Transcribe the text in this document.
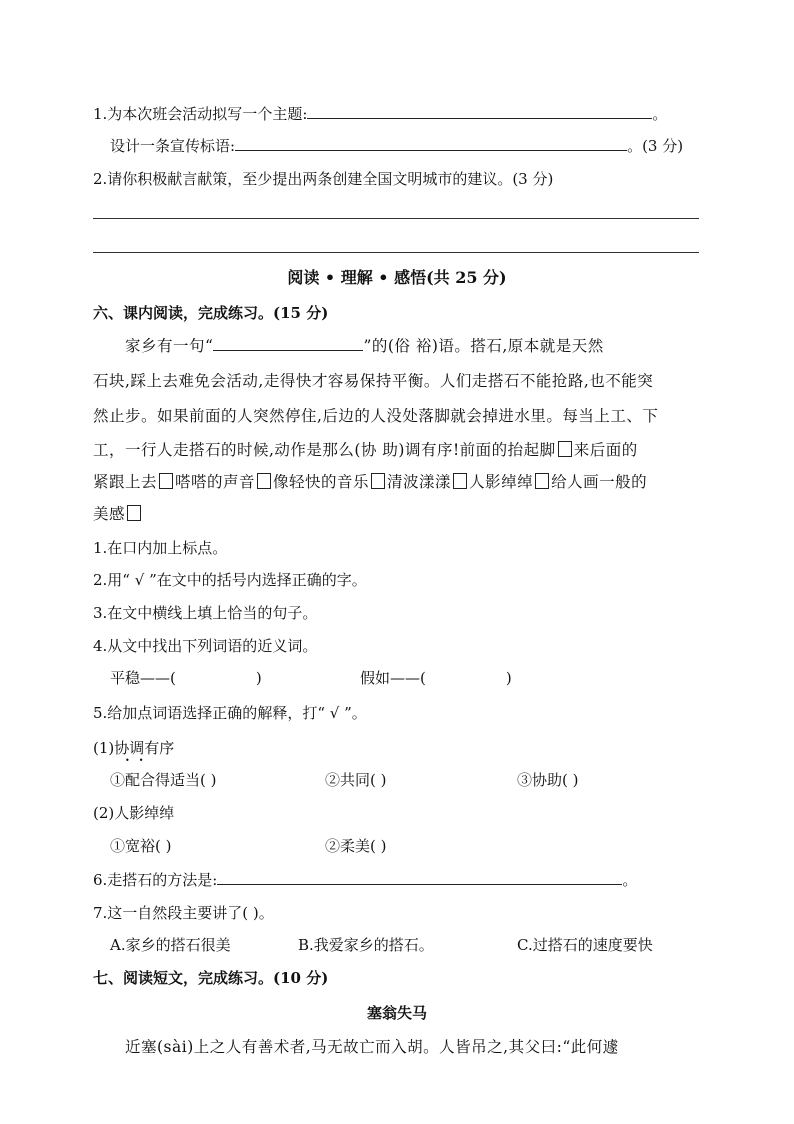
1.为本次班会活动拟写一个主题:	。
设计一条宣传标语:	。(3 分)
2.请你积极献言献策，至少提出两条创建全国文明城市的建议。(3 分)
阅读 • 理解 • 感悟(共 25 分)
六、课内阅读，完成练习。(15 分)
家乡有一句“	”的(俗 裕)语。搭石,原本就是天然
石块,踩上去难免会活动,走得快才容易保持平衡。人们走搭石不能抢路,也不能突
然止步。如果前面的人突然停住,后边的人没处落脚就会掉进水里。每当上工、下
工，一行人走搭石的时候,动作是那么(协 助)调有序!前面的抬起脚 来后面的
紧跟上去 嗒嗒的声音 像轻快的音乐 清波漾漾 人影绰绰 给人画一般的
美感
1.在口内加上标点。
2.用“ √ ”在文中的括号内选择正确的字。
3.在文中横线上填上恰当的句子。
4.从文中找出下列词语的近义词。
平稳——(	)	假如——(	)
5.给加点词语选择正确的解释，打“ √ ”。
(1)协调有序
••
①配合得适当( )	②共同( )	③协助( )
(2)人影绰绰
①宽裕( )	②柔美( )
6.走搭石的方法是:	。
7.这一自然段主要讲了( )。
A.家乡的搭石很美	B.我爱家乡的搭石。	C.过搭石的速度要快
七、阅读短文，完成练习。(10 分)
塞翁失马
近塞(sài)上之人有善术者,马无故亡而入胡。人皆吊之,其父曰:“此何遽
